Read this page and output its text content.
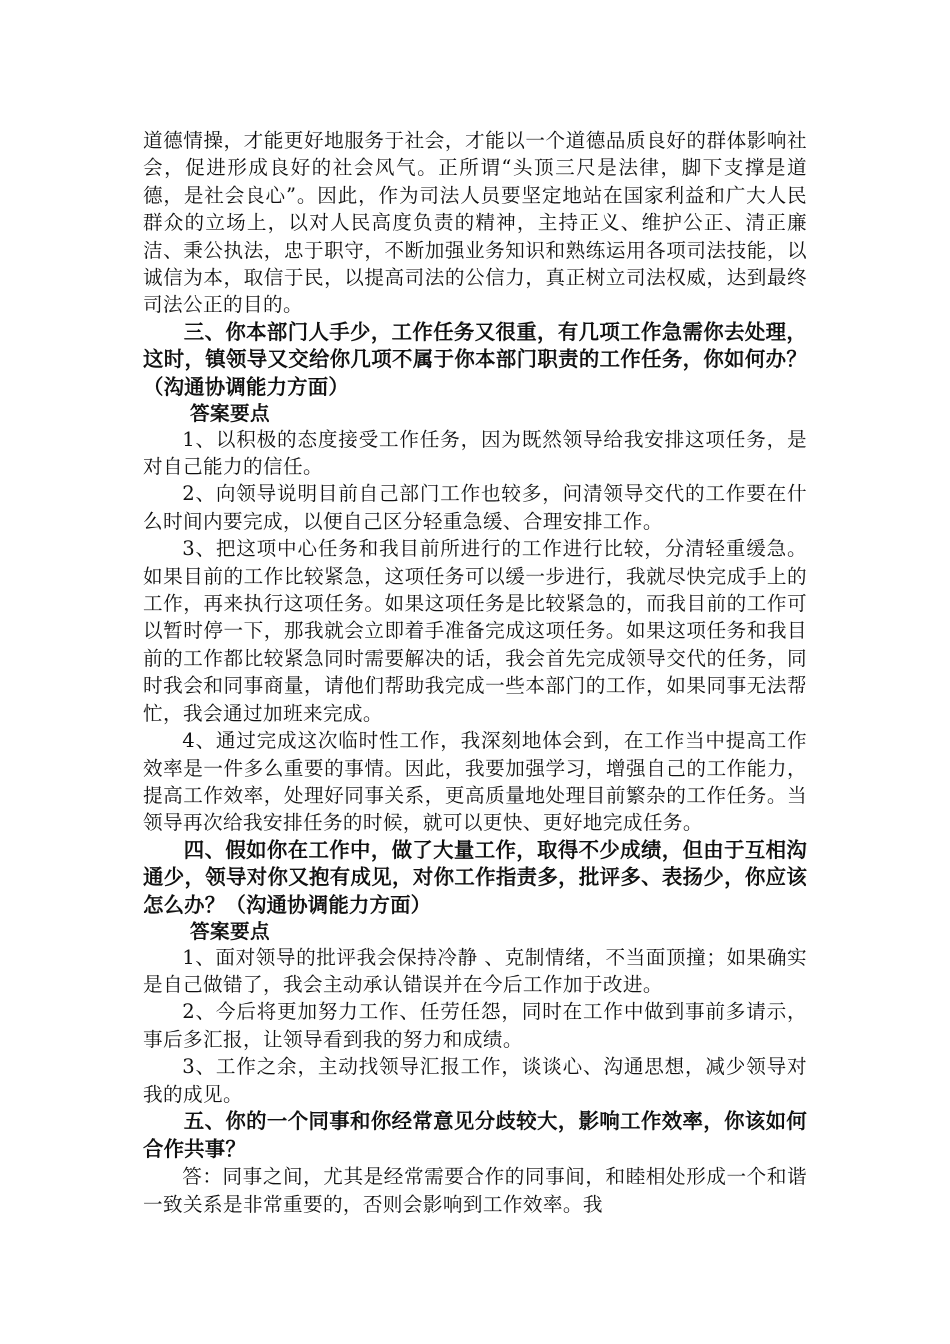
道德情操，才能更好地服务于社会，才能以一个道德品质良好的群体影响社会，促进形成良好的社会风气。正所谓“头顶三尺是法律，脚下支撑是道德，是社会良心”。因此，作为司法人员要坚定地站在国家利益和广大人民群众的立场上，以对人民高度负责的精神，主持正义、维护公正、清正廉洁、秉公执法，忠于职守，不断加强业务知识和熟练运用各项司法技能，以诚信为本，取信于民，以提高司法的公信力，真正树立司法权威，达到最终司法公正的目的。

三、你本部门人手少，工作任务又很重，有几项工作急需你去处理，这时，镇领导又交给你几项不属于你本部门职责的工作任务，你如何办？（沟通协调能力方面）

答案要点

1、以积极的态度接受工作任务，因为既然领导给我安排这项任务，是对自己能力的信任。

2、向领导说明目前自己部门工作也较多，问清领导交代的工作要在什么时间内要完成，以便自己区分轻重急缓、合理安排工作。

3、把这项中心任务和我目前所进行的工作进行比较，分清轻重缓急。如果目前的工作比较紧急，这项任务可以缓一步进行，我就尽快完成手上的工作，再来执行这项任务。如果这项任务是比较紧急的，而我目前的工作可以暂时停一下，那我就会立即着手准备完成这项任务。如果这项任务和我目前的工作都比较紧急同时需要解决的话，我会首先完成领导交代的任务，同时我会和同事商量，请他们帮助我完成一些本部门的工作，如果同事无法帮忙，我会通过加班来完成。

4、通过完成这次临时性工作，我深刻地体会到，在工作当中提高工作效率是一件多么重要的事情。因此，我要加强学习，增强自己的工作能力，提高工作效率，处理好同事关系，更高质量地处理目前繁杂的工作任务。当领导再次给我安排任务的时候，就可以更快、更好地完成任务。

四、假如你在工作中，做了大量工作，取得不少成绩，但由于互相沟通少，领导对你又抱有成见，对你工作指责多，批评多、表扬少，你应该怎么办？（沟通协调能力方面）

答案要点

1、面对领导的批评我会保持冷静 、克制情绪，不当面顶撞；如果确实是自己做错了，我会主动承认错误并在今后工作加于改进。

2、今后将更加努力工作、任劳任怨，同时在工作中做到事前多请示，事后多汇报，让领导看到我的努力和成绩。

3、工作之余，主动找领导汇报工作，谈谈心、沟通思想，减少领导对我的成见。

五、你的一个同事和你经常意见分歧较大，影响工作效率，你该如何合作共事？

答：同事之间，尤其是经常需要合作的同事间，和睦相处形成一个和谐一致关系是非常重要的，否则会影响到工作效率。我
